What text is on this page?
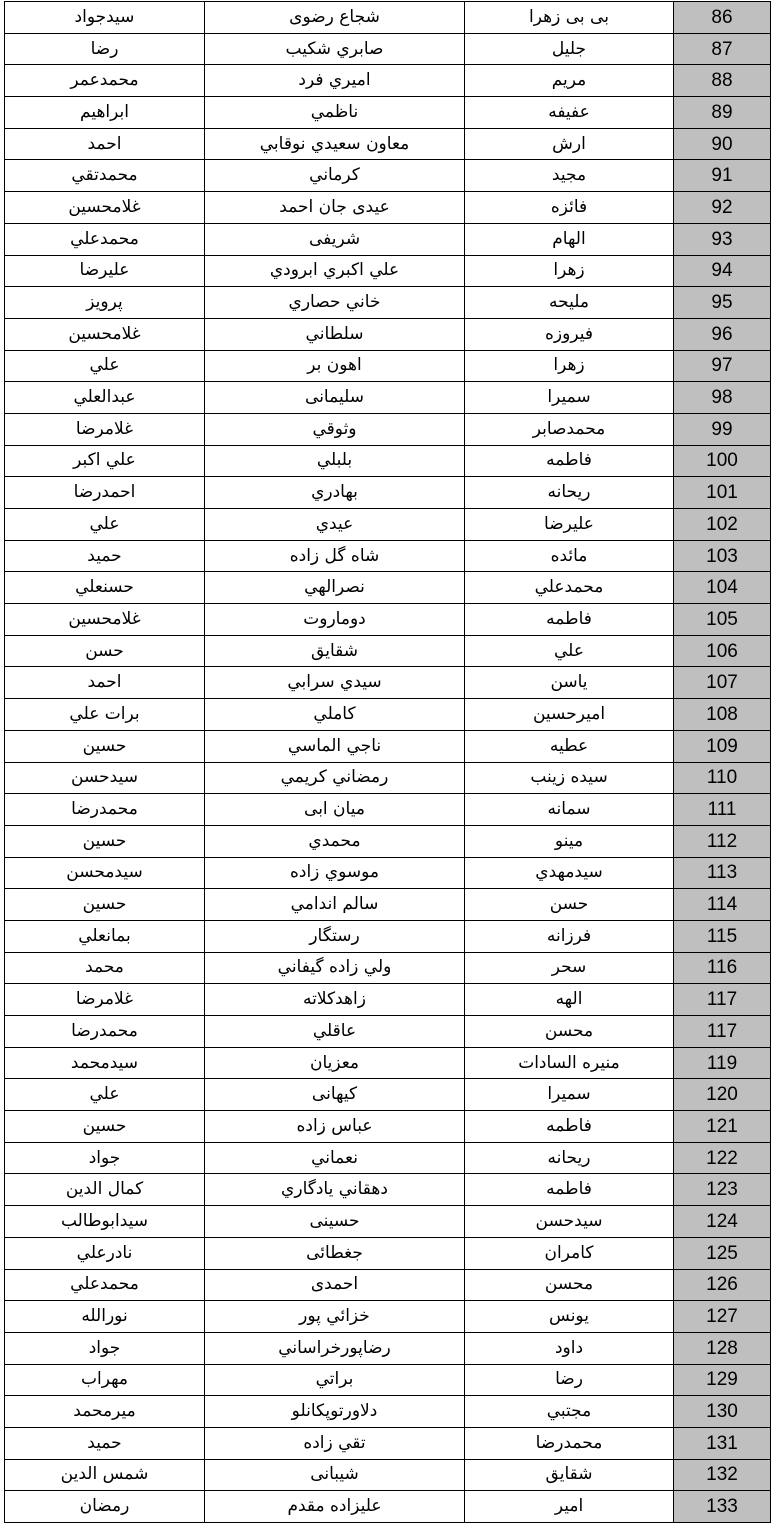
سیدجواد	شجاع رضوی	بی بی زهرا	86
رضا	صابري شكيب	جلیل	87
محمدعمر	اميري فرد	مريم	88
ابراهیم	ناظمي	عفیفه	89
احمد	معاون سعيدي نوقابي	ارش	90
محمدتقي	كرماني	مجید	91
غلامحسین	عیدی جان احمد	فائزه	92
محمدعلي	شریفی	الهام	93
علیرضا	علي اكبري ابرودي	زهرا	94
پرویز	خاني حصاري	ملیحه	95
غلامحسین	سلطاني	فیروزه	96
علي	اهون بر	زهرا	97
عبدالعلي	سلیمانی	سمیرا	98
غلامرضا	وثوقي	محمدصابر	99
علي اكبر	بلبلي	فاطمه	100
احمدرضا	بهادري	ریحانه	101
علي	عیدي	علیرضا	102
حميد	شاه گل زاده	مائده	103
حسنعلي	نصرالهي	محمدعلي	104
غلامحسین	دوماروت	فاطمه	105
حسن	شقايق	علي	106
احمد	سيدي سرابي	یاسن	107
برات علي	كاملي	امیرحسین	108
حسين	ناجي الماسي	عطیه	109
سیدحسن	رمضاني كريمي	سیده زینب	110
محمدرضا	میان ابی	سمانه	111
حسين	محمدي	مینو	112
سیدمحسن	موسوي زاده	سیدمهدي	113
حسين	سالم اندامي	حسن	114
بمانعلي	رستگار	فرزانه	115
محمد	ولي زاده گيفاني	سحر	116
غلامرضا	زاهدكلاته	الهه	117
محمدرضا	عاقلي	محسن	117
سیدمحمد	معزیان	منیره السادات	119
علي	کیهانی	سمیرا	120
حسين	عباس زاده	فاطمه	121
جواد	نعماني	ریحانه	122
کمال الدین	دهقاني يادگاري	فاطمه	123
سیدابوطالب	حسینی	سیدحسن	124
نادرعلي	جغطائی	كامران	125
محمدعلي	احمدی	محسن	126
نورالله	خزائي پور	یونس	127
جواد	رضاپورخراساني	داود	128
مهراب	براتي	رضا	129
میرمحمد	دلاورتوپکانلو	مجتبي	130
حميد	تقي زاده	محمدرضا	131
شمس الدین	شیبانی	شقايق	132
رمضان	عليزاده مقدم	امیر	133
